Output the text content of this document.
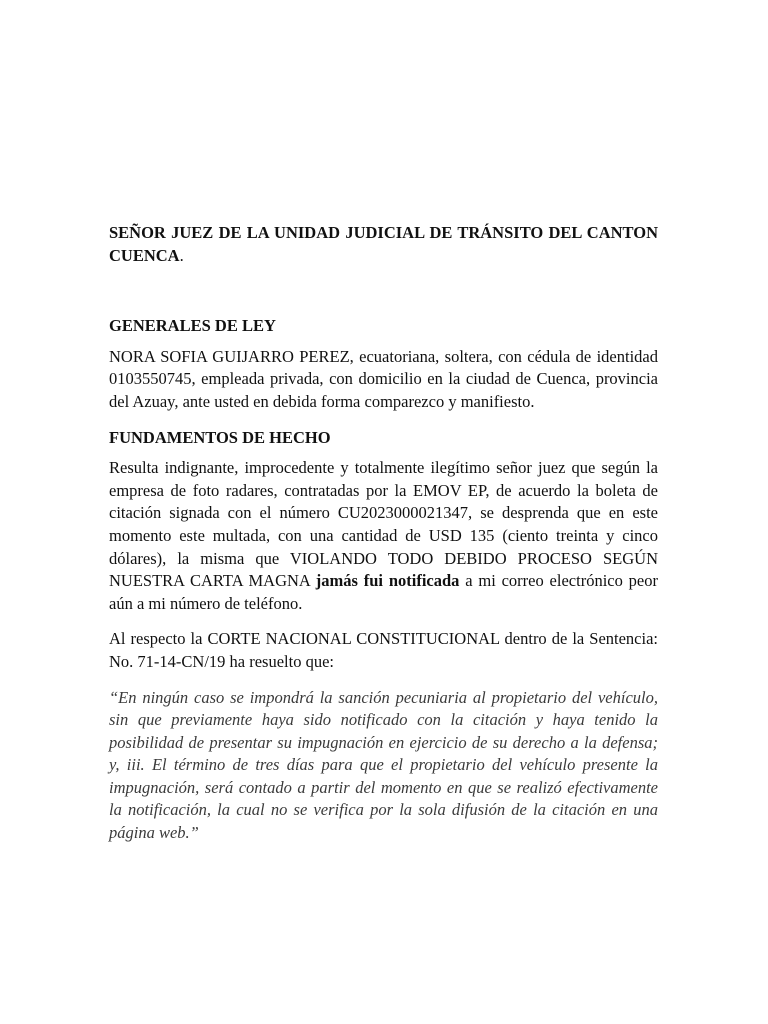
SEÑOR JUEZ DE LA UNIDAD JUDICIAL DE TRÁNSITO DEL CANTON CUENCA.

GENERALES DE LEY

NORA SOFIA GUIJARRO PEREZ, ecuatoriana, soltera, con cédula de identidad 0103550745, empleada privada, con domicilio en la ciudad de Cuenca, provincia del Azuay, ante usted en debida forma comparezco y manifiesto.

FUNDAMENTOS DE HECHO

Resulta indignante, improcedente y totalmente ilegítimo señor juez que según la empresa de foto radares, contratadas por la EMOV EP, de acuerdo la boleta de citación signada con el número CU2023000021347, se desprenda que en este momento este multada, con una cantidad de USD 135 (ciento treinta y cinco dólares), la misma que VIOLANDO TODO DEBIDO PROCESO SEGÚN NUESTRA CARTA MAGNA jamás fui notificada a mi correo electrónico peor aún a mi número de teléfono.

Al respecto la CORTE NACIONAL CONSTITUCIONAL dentro de la Sentencia: No. 71-14-CN/19 ha resuelto que:

“En ningún caso se impondrá la sanción pecuniaria al propietario del vehículo, sin que previamente haya sido notificado con la citación y haya tenido la posibilidad de presentar su impugnación en ejercicio de su derecho a la defensa; y, iii. El término de tres días para que el propietario del vehículo presente la impugnación, será contado a partir del momento en que se realizó efectivamente la notificación, la cual no se verifica por la sola difusión de la citación en una página web.”
